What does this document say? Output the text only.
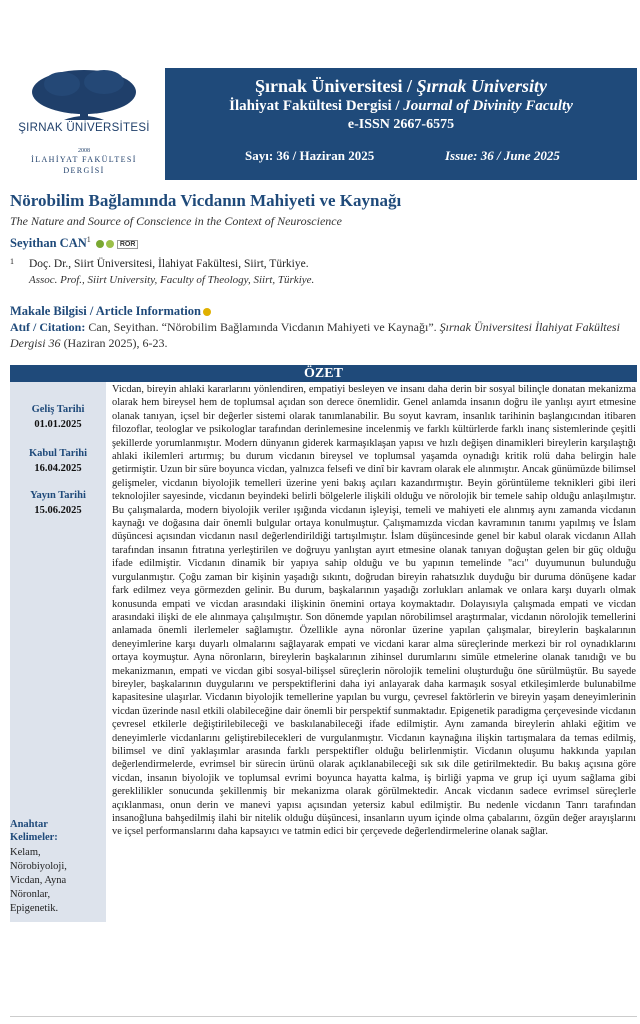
ŞIRNAK ÜNİVERSİTESİ
2008
İLAHİYAT FAKÜLTESİ
DERGİSİ
Şırnak Üniversitesi / Şırnak University
İlahiyat Fakültesi Dergisi / Journal of Divinity Faculty
e-ISSN 2667-6575
Sayı: 36 / Haziran 2025	Issue: 36 / June 2025
Nörobilim Bağlamında Vicdanın Mahiyeti ve Kaynağı
The Nature and Source of Conscience in the Context of Neuroscience
Seyithan CAN$^1$ ROR
1 Doç. Dr., Siirt Üniversitesi, İlahiyat Fakültesi, Siirt, Türkiye.
Assoc. Prof., Siirt University, Faculty of Theology, Siirt, Türkiye.
Makale Bilgisi / Article Information
Atıf / Citation: Can, Seyithan. “Nörobilim Bağlamında Vicdanın Mahiyeti ve Kaynağı”. Şırnak Üniversitesi İlahiyat Fakültesi Dergisi 36 (Haziran 2025), 6-23.
ÖZET
Geliş Tarihi
01.01.2025
Kabul Tarihi
16.04.2025
Yayın Tarihi
15.06.2025
Anahtar Kelimeler:
Kelam, Nörobiyoloji, Vicdan, Ayna Nöronlar, Epigenetik.

Vicdan, bireyin ahlaki kararlarını yönlendiren, empatiyi besleyen ve insanı daha derin bir sosyal bilinçle donatan mekanizma olarak hem bireysel hem de toplumsal açıdan son derece önemlidir. Genel anlamda insanın doğru ile yanlışı ayırt etmesine olanak tanıyan, içsel bir değerler sistemi olarak tanımlanabilir. Bu soyut kavram, insanlık tarihinin başlangıcından itibaren filozoflar, teologlar ve psikologlar tarafından derinlemesine incelenmiş ve farklı kültürlerde farklı inanç sistemlerinde çeşitli şekillerde yorumlanmıştır. Modern dünyanın giderek karmaşıklaşan yapısı ve hızlı değişen dinamikleri bireylerin karşılaştığı ahlaki ikilemleri artırmış; bu durum vicdanın bireysel ve toplumsal yaşamda oynadığı kritik rolü daha belirgin hale getirmiştir. Uzun bir süre boyunca vicdan, yalnızca felsefi ve dinî bir kavram olarak ele alınmıştır. Ancak günümüzde bilimsel gelişmeler, vicdanın biyolojik temelleri üzerine yeni bakış açıları kazandırmıştır. Beyin görüntüleme teknikleri gibi ileri teknolojiler sayesinde, vicdanın beyindeki belirli bölgelerle ilişkili olduğu ve nörolojik bir temele sahip olduğu anlaşılmıştır. Bu çalışmalarda, modern biyolojik veriler ışığında vicdanın işleyişi, temeli ve mahiyeti ele alınmış aynı zamanda vicdanın kaynağı ve doğasına dair önemli bulgular ortaya konulmuştur. Çalışmamızda vicdan kavramının tanımı yapılmış ve İslam düşüncesi açısından vicdanın nasıl değerlendirildiği tartışılmıştır. İslam düşüncesinde genel bir kabul olarak vicdanın Allah tarafından insanın fıtratına yerleştirilen ve doğruyu yanlıştan ayırt etmesine olanak tanıyan doğuştan gelen bir güç olduğu ifade edilmiştir. Vicdanın dinamik bir yapıya sahip olduğu ve bu yapının temelinde "acı" duyumunun bulunduğu vurgulanmıştır. Çoğu zaman bir kişinin yaşadığı sıkıntı, doğrudan bireyin rahatsızlık duyduğu bir duruma dönüşene kadar fark edilmez veya görmezden gelinir. Bu durum, başkalarının yaşadığı zorlukları anlamak ve onlara karşı duyarlı olmak konusunda empati ve vicdan arasındaki ilişkinin önemini ortaya koymaktadır. Dolayısıyla çalışmada empati ve vicdan arasındaki ilişki de ele alınmaya çalışılmıştır. Son dönemde yapılan nörobilimsel araştırmalar, vicdanın nörolojik temellerini anlamada önemli ilerlemeler sağlamıştır. Özellikle ayna nöronlar üzerine yapılan çalışmalar, bireylerin başkalarının deneyimlerine karşı duyarlı olmalarını sağlayarak empati ve vicdani karar alma süreçlerinde merkezi bir rol oynadıklarını ortaya koymuştur. Ayna nöronların, bireylerin başkalarının zihinsel durumlarını simüle etmelerine olanak tanıdığı ve bu mekanizmanın, empati ve vicdan gibi sosyal-bilişsel süreçlerin nörolojik temelini oluşturduğu öne sürülmüştür. Bu sayede bireyler, başkalarının duygularını ve perspektiflerini daha iyi anlayarak daha karmaşık sosyal etkileşimlerde bulunabilme kapasitesine ulaşırlar. Vicdanın biyolojik temellerine yapılan bu vurgu, çevresel faktörlerin ve bireyin yaşam deneyimlerinin vicdan üzerinde nasıl etkili olabileceğine dair önemli bir perspektif sunmaktadır. Epigenetik paradigma çerçevesinde vicdanın çevresel etkilerle değiştirilebileceği ve baskılanabileceği ifade edilmiştir. Aynı zamanda bireylerin ahlaki eğitim ve deneyimlerle vicdanlarını geliştirebilecekleri de vurgulanmıştır. Vicdanın kaynağına ilişkin tartışmalara da temas edilmiş, bilimsel ve dinî yaklaşımlar arasında farklı perspektifler olduğu belirlenmiştir. Vicdanın oluşumu hakkında yapılan değerlendirmelerde, evrimsel bir sürecin ürünü olarak açıklanabileceği sık sık dile getirilmektedir. Bu bakış açısına göre vicdan, insanın biyolojik ve toplumsal evrimi boyunca hayatta kalma, iş birliği yapma ve grup içi uyum sağlama gibi gereklilikler sonucunda şekillenmiş bir mekanizma olarak görülmektedir. Ancak vicdanın sadece evrimsel süreçlerle açıklanması, onun derin ve manevi yapısı açısından yetersiz kabul edilmiştir. Bu nedenle vicdanın Tanrı tarafından insanoğluna bahşedilmiş ilahi bir nitelik olduğu düşüncesi, insanların uyum içinde olma çabalarını, özgün değer arayışlarını ve içsel performanslarını daha kapsayıcı ve tatmin edici bir çerçevede değerlendirmelerine olanak sağlar.
